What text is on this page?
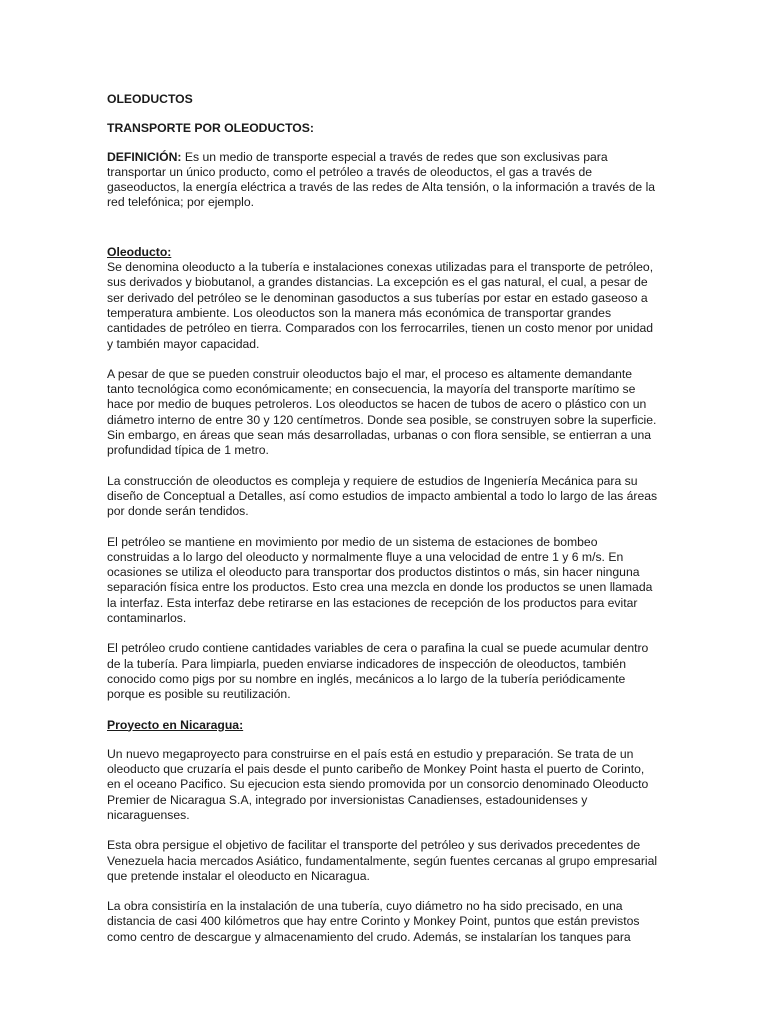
OLEODUCTOS
TRANSPORTE POR OLEODUCTOS:

DEFINICIÓN: Es un medio de transporte especial a través de redes que son exclusivas para transportar un único producto, como el petróleo a través de oleoductos, el gas a través de gaseoductos, la energía eléctrica a través de las redes de Alta tensión, o la información a través de la red telefónica; por ejemplo.

Oleoducto:

Se denomina oleoducto a la tubería e instalaciones conexas utilizadas para el transporte de petróleo, sus derivados y biobutanol, a grandes distancias. La excepción es el gas natural, el cual, a pesar de ser derivado del petróleo se le denominan gasoductos a sus tuberías por estar en estado gaseoso a temperatura ambiente. Los oleoductos son la manera más económica de transportar grandes cantidades de petróleo en tierra. Comparados con los ferrocarriles, tienen un costo menor por unidad y también mayor capacidad.

A pesar de que se pueden construir oleoductos bajo el mar, el proceso es altamente demandante tanto tecnológica como económicamente; en consecuencia, la mayoría del transporte marítimo se hace por medio de buques petroleros. Los oleoductos se hacen de tubos de acero o plástico con un diámetro interno de entre 30 y 120 centímetros. Donde sea posible, se construyen sobre la superficie. Sin embargo, en áreas que sean más desarrolladas, urbanas o con flora sensible, se entierran a una profundidad típica de 1 metro.

La construcción de oleoductos es compleja y requiere de estudios de Ingeniería Mecánica para su diseño de Conceptual a Detalles, así como estudios de impacto ambiental a todo lo largo de las áreas por donde serán tendidos.

El petróleo se mantiene en movimiento por medio de un sistema de estaciones de bombeo construidas a lo largo del oleoducto y normalmente fluye a una velocidad de entre 1 y 6 m/s. En ocasiones se utiliza el oleoducto para transportar dos productos distintos o más, sin hacer ninguna separación física entre los productos. Esto crea una mezcla en donde los productos se unen llamada la interfaz. Esta interfaz debe retirarse en las estaciones de recepción de los productos para evitar contaminarlos.

El petróleo crudo contiene cantidades variables de cera o parafina la cual se puede acumular dentro de la tubería. Para limpiarla, pueden enviarse indicadores de inspección de oleoductos, también conocido como pigs por su nombre en inglés, mecánicos a lo largo de la tubería periódicamente porque es posible su reutilización.

Proyecto en Nicaragua:

Un nuevo megaproyecto para construirse en el país está en estudio y preparación. Se trata de un oleoducto que cruzaría el pais desde el punto caribeño de Monkey Point hasta el puerto de Corinto, en el oceano Pacifico. Su ejecucion esta siendo promovida por un consorcio denominado Oleoducto Premier de Nicaragua S.A, integrado por inversionistas Canadienses, estadounidenses y nicaraguenses.

Esta obra persigue el objetivo de facilitar el transporte del petróleo y sus derivados precedentes de Venezuela hacia mercados Asiático, fundamentalmente, según fuentes cercanas al grupo empresarial que pretende instalar el oleoducto en Nicaragua.

La obra consistiría en la instalación de una tubería, cuyo diámetro no ha sido precisado, en una distancia de casi 400 kilómetros que hay entre Corinto y Monkey Point, puntos que están previstos como centro de descargue y almacenamiento del crudo. Además, se instalarían los tanques para
